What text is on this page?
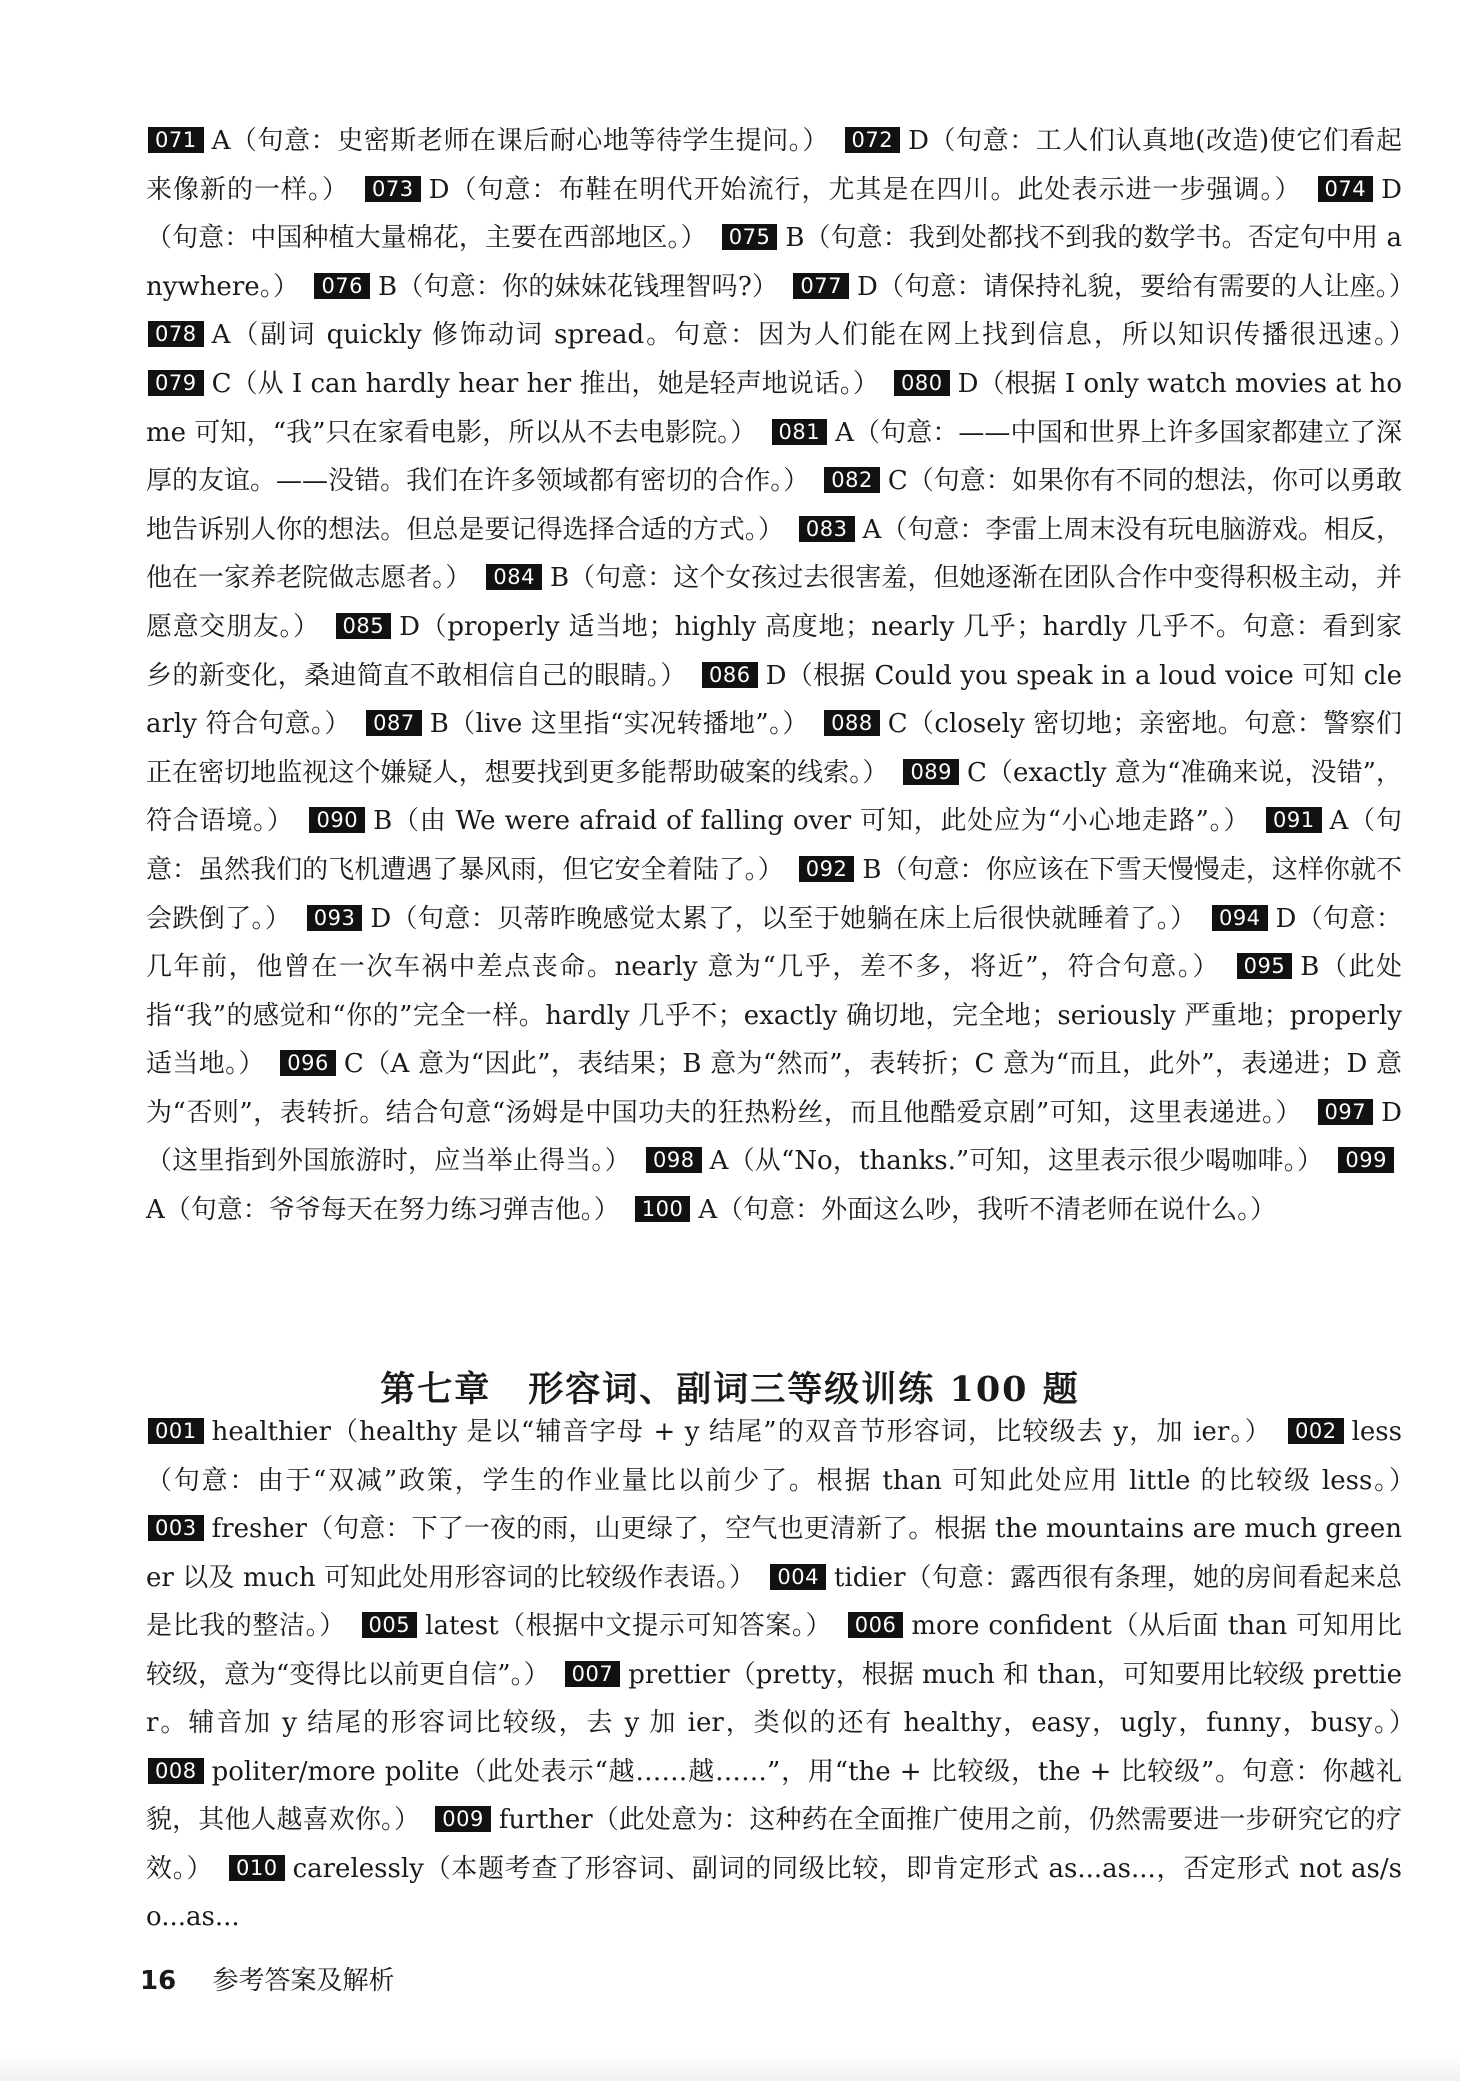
071 A（句意：史密斯老师在课后耐心地等待学生提问。）　 072 D（句意：工人们认真地(改造)使它们看起来像新的一样。）　 073 D（句意：布鞋在明代开始流行，尤其是在四川。此处表示进一步强调。）　 074 D（句意：中国种植大量棉花，主要在西部地区。）　 075 B（句意：我到处都找不到我的数学书。否定句中用 anywhere。）　 076 B（句意：你的妹妹花钱理智吗?）　 077 D（句意：请保持礼貌，要给有需要的人让座。）　078 A（副词 quickly 修饰动词 spread。句意：因为人们能在网上找到信息，所以知识传播很迅速。）　079 C（从 I can hardly hear her 推出，她是轻声地说话。）　 080 D（根据 I only watch movies at home 可知，“我”只在家看电影，所以从不去电影院。）　 081 A（句意：——中国和世界上许多国家都建立了深厚的友谊。——没错。我们在许多领域都有密切的合作。）　 082 C（句意：如果你有不同的想法，你可以勇敢地告诉别人你的想法。但总是要记得选择合适的方式。）　 083 A（句意：李雷上周末没有玩电脑游戏。相反，他在一家养老院做志愿者。）　 084 B（句意：这个女孩过去很害羞，但她逐渐在团队合作中变得积极主动，并愿意交朋友。）　 085 D（properly 适当地；highly 高度地；nearly 几乎；hardly 几乎不。句意：看到家乡的新变化，桑迪简直不敢相信自己的眼睛。）　 086 D（根据 Could you speak in a loud voice 可知 clearly 符合句意。）　 087 B（live 这里指“实况转播地”。）　 088 C（closely 密切地；亲密地。句意：警察们正在密切地监视这个嫌疑人，想要找到更多能帮助破案的线索。）　 089 C（exactly 意为“准确来说，没错”，符合语境。）　 090 B（由 We were afraid of falling over 可知，此处应为“小心地走路”。）　 091 A（句意：虽然我们的飞机遭遇了暴风雨，但它安全着陆了。）　 092 B（句意：你应该在下雪天慢慢走，这样你就不会跌倒了。）　 093 D（句意：贝蒂昨晚感觉太累了，以至于她躺在床上后很快就睡着了。）　 094 D（句意：几年前，他曾在一次车祸中差点丧命。nearly 意为“几乎，差不多，将近”，符合句意。）　 095 B（此处指“我”的感觉和“你的”完全一样。hardly 几乎不；exactly 确切地，完全地；seriously 严重地；properly 适当地。）　 096 C（A 意为“因此”，表结果；B 意为“然而”，表转折；C 意为“而且，此外”，表递进；D 意为“否则”，表转折。结合句意“汤姆是中国功夫的狂热粉丝，而且他酷爱京剧”可知，这里表递进。）　 097 D（这里指到外国旅游时，应当举止得当。）　 098 A（从“No，thanks.”可知，这里表示很少喝咖啡。）　 099A（句意：爷爷每天在努力练习弹吉他。）　 100 A（句意：外面这么吵，我听不清老师在说什么。）　
第七章　形容词、副词三等级训练 100 题
001 healthier（healthy 是以“辅音字母 + y 结尾”的双音节形容词，比较级去 y，加 ier。）　 002 less（句意：由于“双减”政策，学生的作业量比以前少了。根据 than 可知此处应用 little 的比较级 less。）　003 fresher（句意：下了一夜的雨，山更绿了，空气也更清新了。根据 the mountains are much greener 以及 much 可知此处用形容词的比较级作表语。）　 004 tidier（句意：露西很有条理，她的房间看起来总是比我的整洁。）　 005 latest（根据中文提示可知答案。）　 006 more confident（从后面 than 可知用比较级，意为“变得比以前更自信”。）　 007 prettier（pretty，根据 much 和 than，可知要用比较级 prettier。辅音加 y 结尾的形容词比较级，去 y 加 ier，类似的还有 healthy，easy，ugly，funny，busy。）　008 politer/more polite（此处表示“越……越……”，用“the + 比较级，the + 比较级”。句意：你越礼貌，其他人越喜欢你。）　 009 further（此处意为：这种药在全面推广使用之前，仍然需要进一步研究它的疗效。）　 010 carelessly（本题考查了形容词、副词的同级比较，即肯定形式 as...as...，否定形式 not as/so...as...　
16 参考答案及解析
